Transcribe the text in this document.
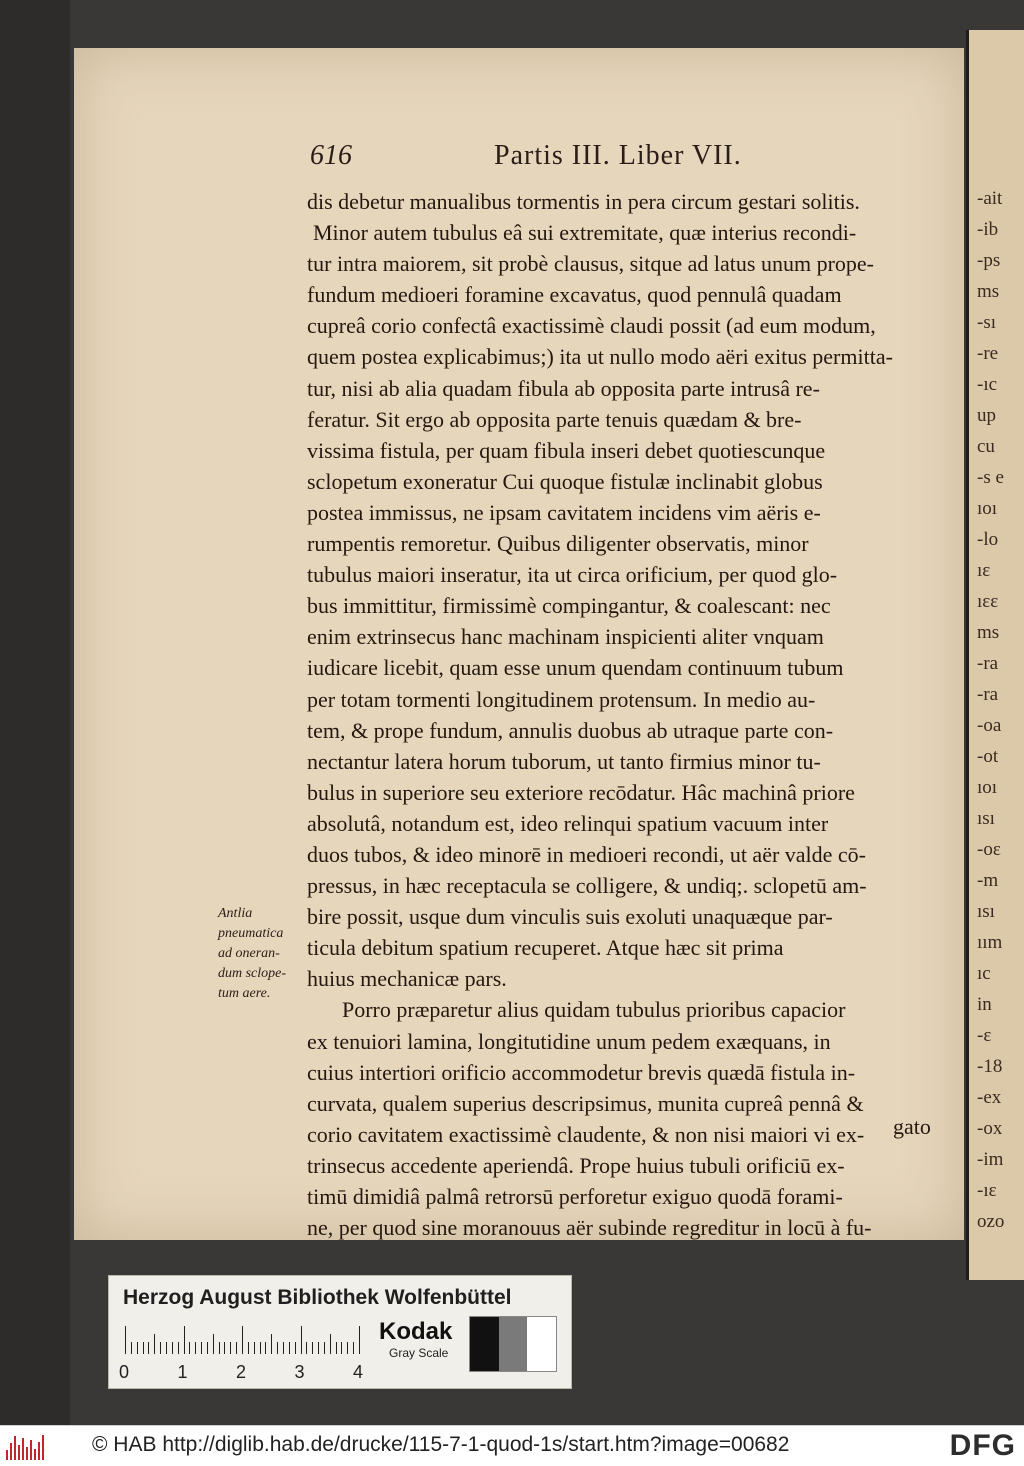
-ait
-ib
-ps
ms
-sı
-re
-ıc
up
cu
-s e
ıoı
-lo
ıε
ıεε
ms
-ra
-ra
-oa
-ot
ıoı
ısı
-oε
-m
ısı
ıım
ıc
in
-ε
-18
-ex
-ox
-im
-ıε
ozo
616	Partis III. Liber VII.
dis debetur manualibus tormentis in pera circum gestari solitis.
Minor autem tubulus eâ sui extremitate, quæ interius recondi-
tur intra maiorem, sit probè clausus, sitque ad latus unum prope-
fundum medioeri foramine excavatus, quod pennulâ quadam
cupreâ corio confectâ exactissimè claudi possit (ad eum modum,
quem postea explicabimus;) ita ut nullo modo aëri exitus permitta-
tur, nisi ab alia quadam fibula ab opposita parte intrusâ re-
feratur. Sit ergo ab opposita parte tenuis quædam & bre-
vissima fistula, per quam fibula inseri debet quotiescunque
sclopetum exoneratur Cui quoque fistulæ inclinabit globus
postea immissus, ne ipsam cavitatem incidens vim aëris e-
rumpentis remoretur. Quibus diligenter observatis, minor
tubulus maiori inseratur, ita ut circa orificium, per quod glo-
bus immittitur, firmissimè compingantur, & coalescant: nec
enim extrinsecus hanc machinam inspicienti aliter vnquam
iudicare licebit, quam esse unum quendam continuum tubum
per totam tormenti longitudinem protensum. In medio au-
tem, & prope fundum, annulis duobus ab utraque parte con-
nectantur latera horum tuborum, ut tanto firmius minor tu-
bulus in superiore seu exteriore recōdatur. Hâc machinâ priore
absolutâ, notandum est, ideo relinqui spatium vacuum inter
duos tubos, & ideo minorē in medioeri recondi, ut aër valde cō-
pressus, in hæc receptacula se colligere, & undiq;. sclopetū am-
bire possit, usque dum vinculis suis exoluti unaquæque par-
ticula debitum spatium recuperet. Atque hæc sit prima
huius mechanicæ pars.
Porro præparetur alius quidam tubulus prioribus capacior
ex tenuiori lamina, longitutidine unum pedem exæquans, in
cuius intertiori orificio accommodetur brevis quædā fistula in-
curvata, qualem superius descripsimus, munita cupreâ pennâ &
corio cavitatem exactissimè claudente, & non nisi maiori vi ex-
trinsecus accedente aperiendâ. Prope huius tubuli orificiū ex-
timū dimidiâ palmâ retrorsū perforetur exiguo quodā forami-
ne, per quod sine moranouus aër subinde regreditur in locū à fu-
Antlia
pneumatica
ad oneran-
dum sclope-
tum aere.
gato
Herzog August Bibliothek Wolfenbüttel
0	1	2	3	4
Kodak
Gray Scale
© HAB http://diglib.hab.de/drucke/115-7-1-quod-1s/start.htm?image=00682	DFG
